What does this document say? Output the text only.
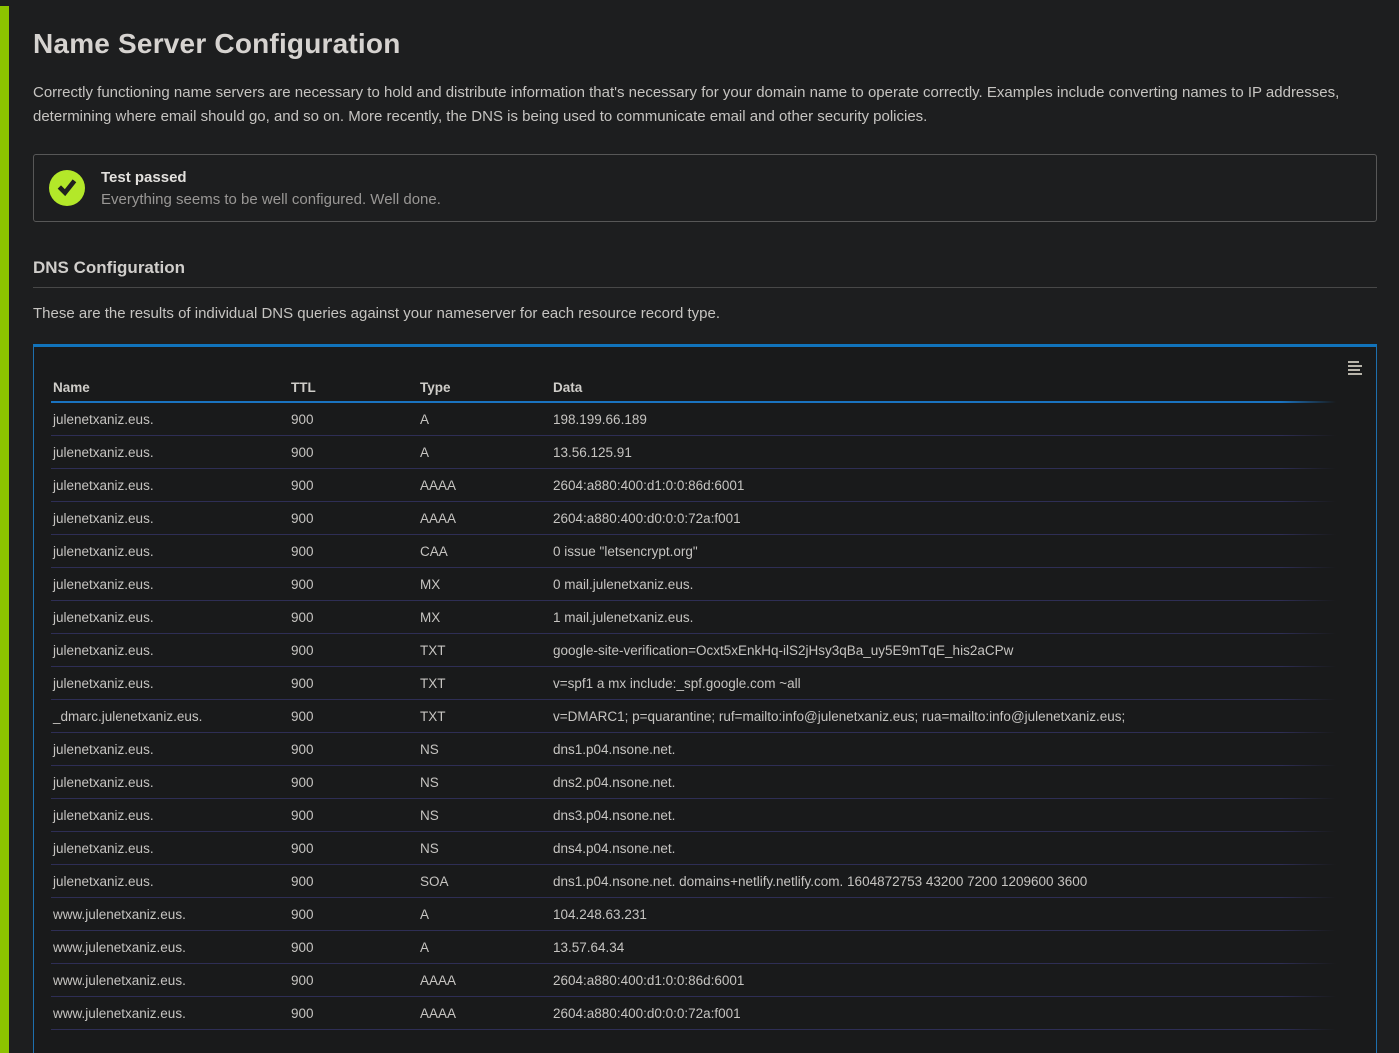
Name Server Configuration

Correctly functioning name servers are necessary to hold and distribute information that's necessary for your domain name to operate correctly. Examples include converting names to IP addresses, determining where email should go, and so on. More recently, the DNS is being used to communicate email and other security policies.

Test passed
Everything seems to be well configured. Well done.
DNS Configuration

These are the results of individual DNS queries against your nameserver for each resource record type.

Name	TTL	Type	Data
julenetxaniz.eus.	900	A	198.199.66.189
julenetxaniz.eus.	900	A	13.56.125.91
julenetxaniz.eus.	900	AAAA	2604:a880:400:d1:0:0:86d:6001
julenetxaniz.eus.	900	AAAA	2604:a880:400:d0:0:0:72a:f001
julenetxaniz.eus.	900	CAA	0 issue "letsencrypt.org"
julenetxaniz.eus.	900	MX	0 mail.julenetxaniz.eus.
julenetxaniz.eus.	900	MX	1 mail.julenetxaniz.eus.
julenetxaniz.eus.	900	TXT	google-site-verification=Ocxt5xEnkHq-ilS2jHsy3qBa_uy5E9mTqE_his2aCPw
julenetxaniz.eus.	900	TXT	v=spf1 a mx include:_spf.google.com ~all
_dmarc.julenetxaniz.eus.	900	TXT	v=DMARC1; p=quarantine; ruf=mailto:info@julenetxaniz.eus; rua=mailto:info@julenetxaniz.eus;
julenetxaniz.eus.	900	NS	dns1.p04.nsone.net.
julenetxaniz.eus.	900	NS	dns2.p04.nsone.net.
julenetxaniz.eus.	900	NS	dns3.p04.nsone.net.
julenetxaniz.eus.	900	NS	dns4.p04.nsone.net.
julenetxaniz.eus.	900	SOA	dns1.p04.nsone.net. domains+netlify.netlify.com. 1604872753 43200 7200 1209600 3600
www.julenetxaniz.eus.	900	A	104.248.63.231
www.julenetxaniz.eus.	900	A	13.57.64.34
www.julenetxaniz.eus.	900	AAAA	2604:a880:400:d1:0:0:86d:6001
www.julenetxaniz.eus.	900	AAAA	2604:a880:400:d0:0:0:72a:f001
